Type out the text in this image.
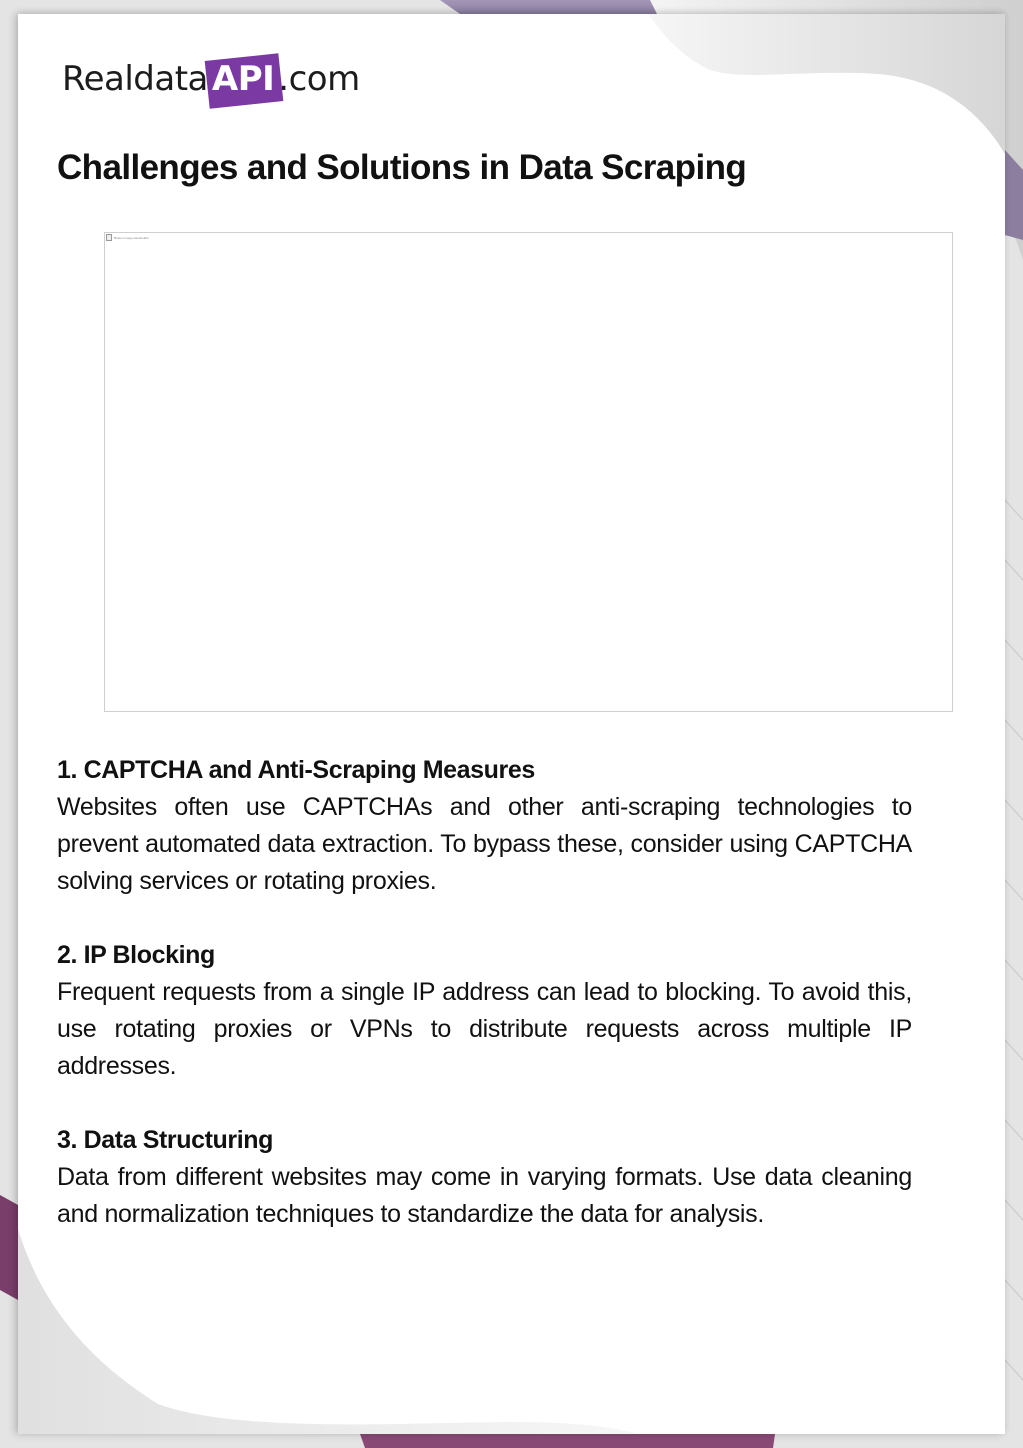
Realdata API .com
Challenges and Solutions in Data Scraping
Broken image placeholder
1. CAPTCHA and Anti-Scraping Measures

Websites often use CAPTCHAs and other anti-scraping technologies to prevent automated data extraction. To bypass these, consider using CAPTCHA solving services or rotating proxies.

2. IP Blocking

Frequent requests from a single IP address can lead to blocking. To avoid this, use rotating proxies or VPNs to distribute requests across multiple IP addresses.

3. Data Structuring

Data from different websites may come in varying formats. Use data cleaning and normalization techniques to standardize the data for analysis.
